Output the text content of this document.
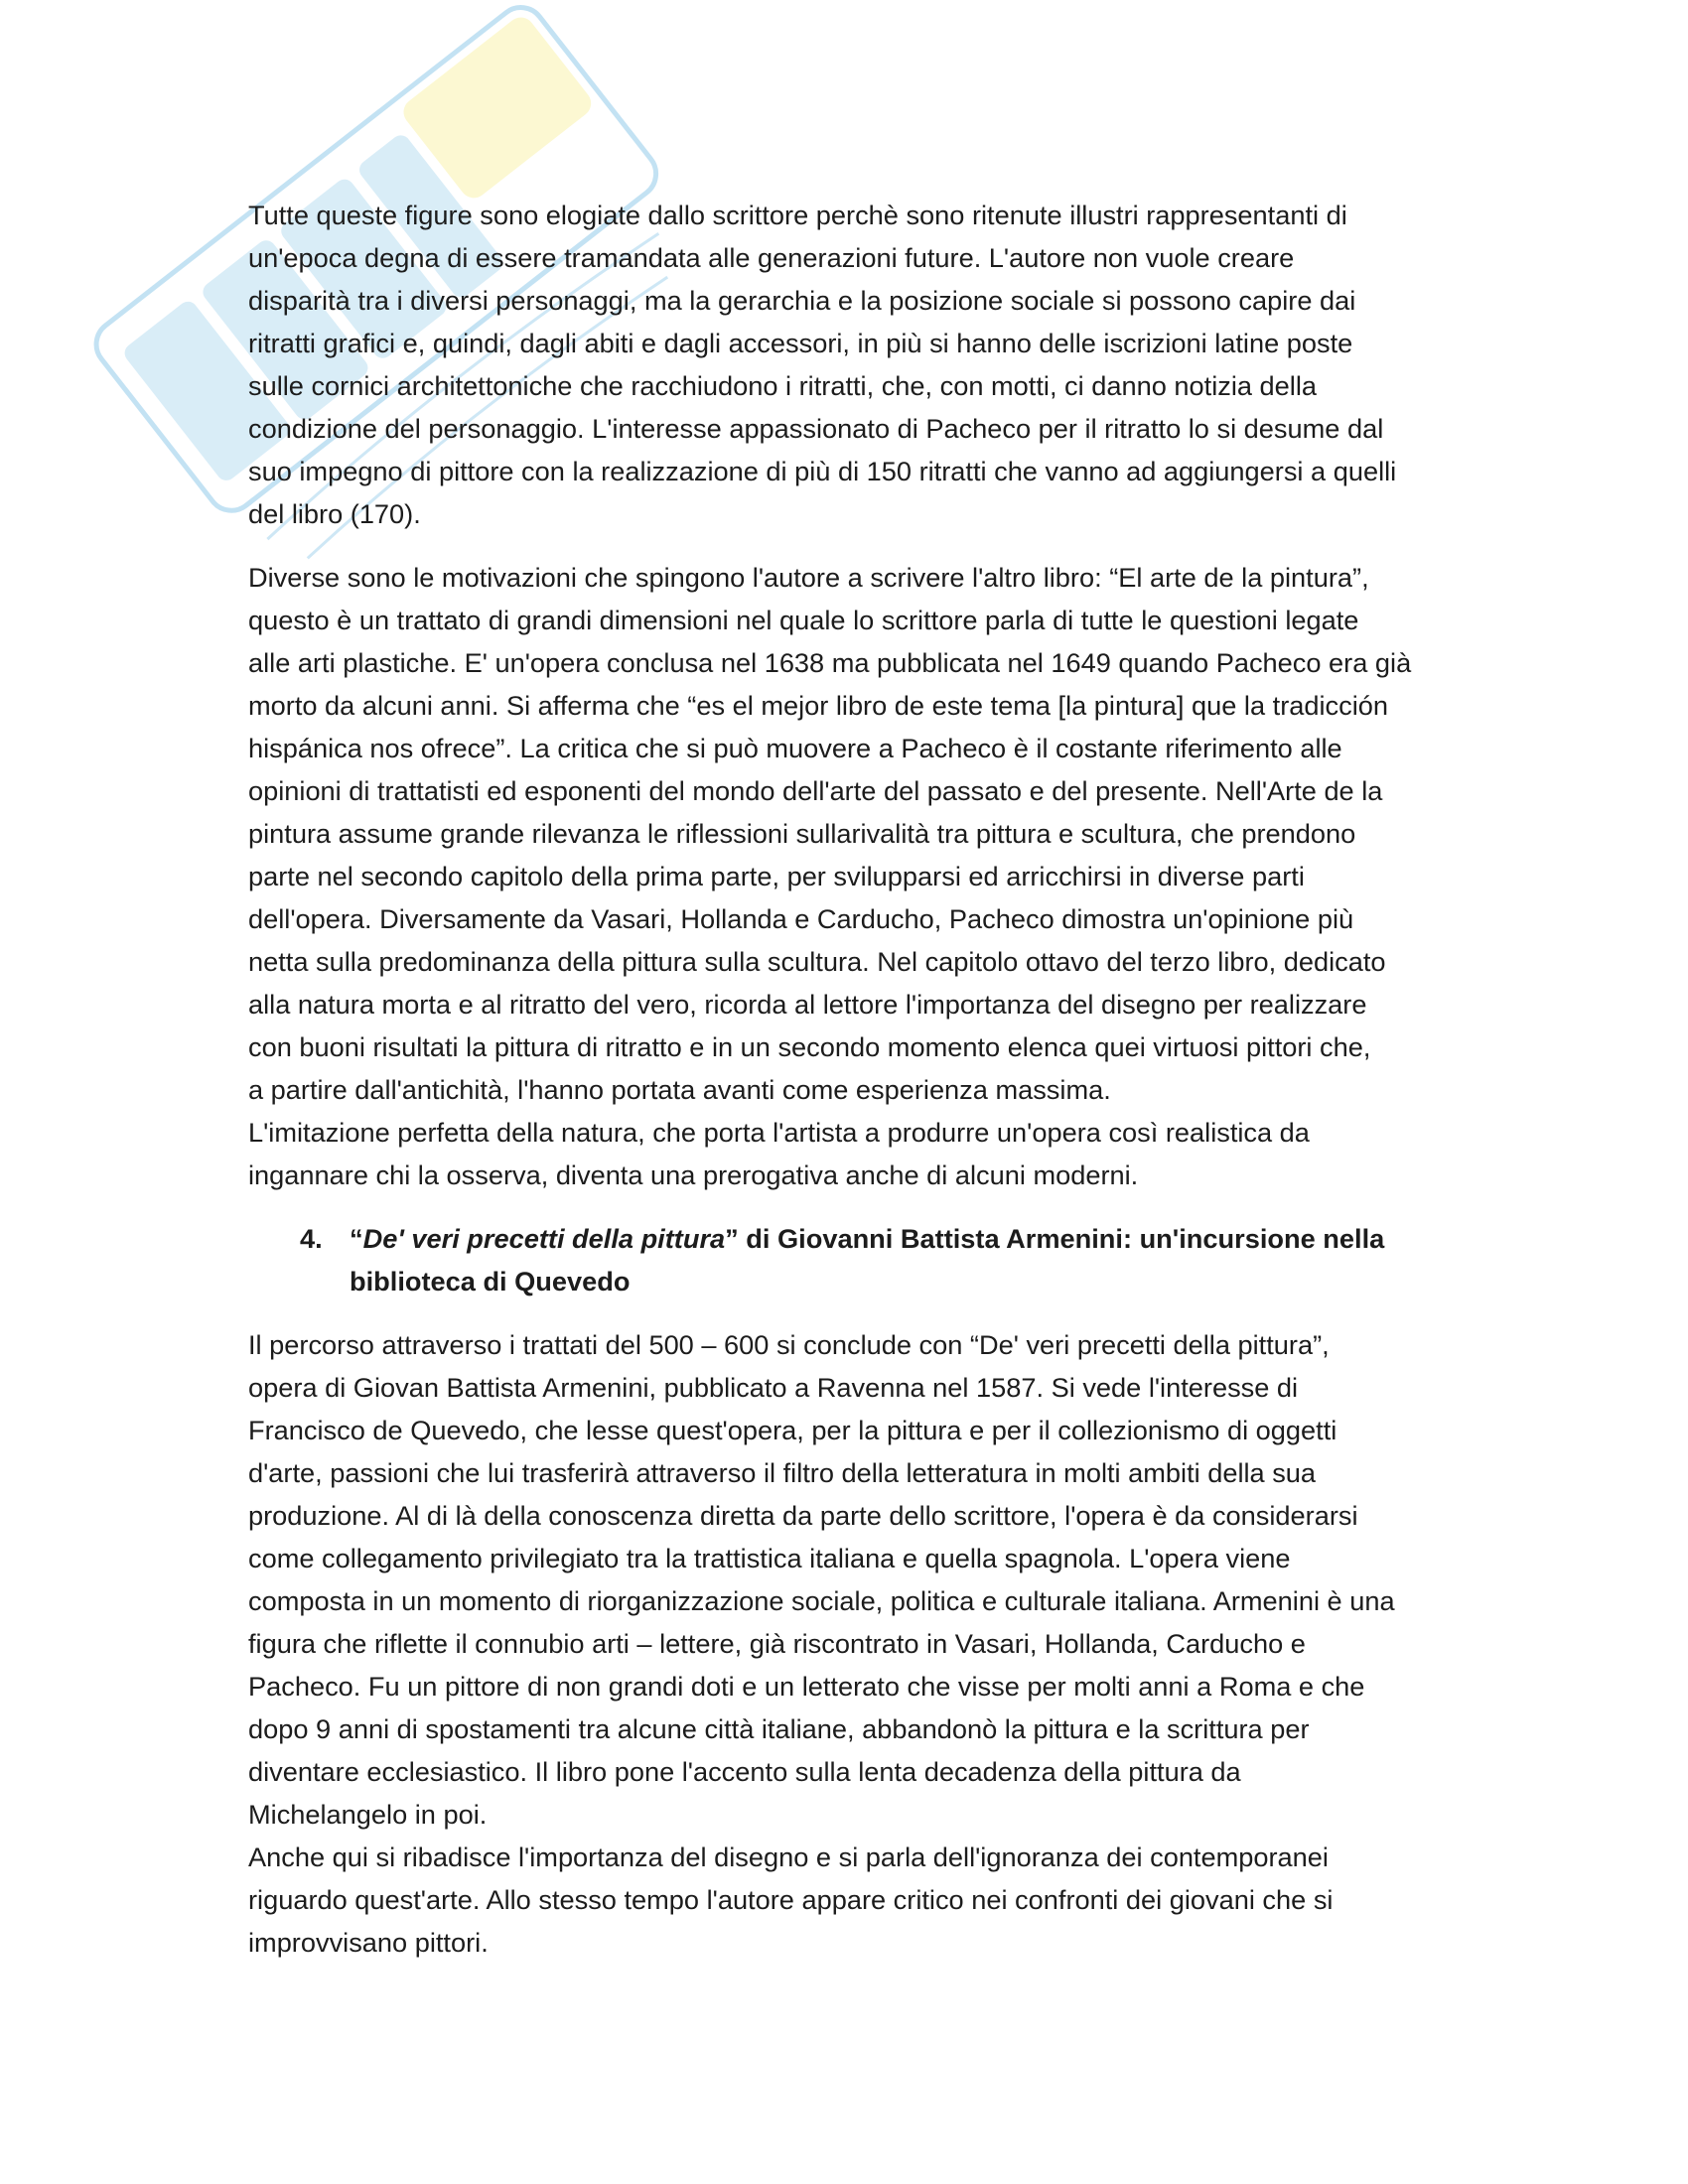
Tutte queste figure sono elogiate dallo scrittore perchè sono ritenute illustri rappresentanti di
un'epoca degna di essere tramandata alle generazioni future. L'autore non vuole creare
disparità tra i diversi personaggi, ma la gerarchia e la posizione sociale si possono capire dai
ritratti grafici e, quindi, dagli abiti e dagli accessori, in più si hanno delle iscrizioni latine poste
sulle cornici architettoniche che racchiudono i ritratti, che, con motti, ci danno notizia della
condizione del personaggio. L'interesse appassionato di Pacheco per il ritratto lo si desume dal
suo impegno di pittore con la realizzazione di più di 150 ritratti che vanno ad aggiungersi a quelli
del libro (170).
Diverse sono le motivazioni che spingono l'autore a scrivere l'altro libro: “El arte de la pintura”,
questo è un trattato di grandi dimensioni nel quale lo scrittore parla di tutte le questioni legate
alle arti plastiche. E' un'opera conclusa nel 1638 ma pubblicata nel 1649 quando Pacheco era già
morto da alcuni anni. Si afferma che “es el mejor libro de este tema [la pintura] que la tradicción
hispánica nos ofrece”. La critica che si può muovere a Pacheco è il costante riferimento alle
opinioni di trattatisti ed esponenti del mondo dell'arte del passato e del presente. Nell'Arte de la
pintura assume grande rilevanza le riflessioni sullarivalità tra pittura e scultura, che prendono
parte nel secondo capitolo della prima parte, per svilupparsi ed arricchirsi in diverse parti
dell'opera. Diversamente da Vasari, Hollanda e Carducho, Pacheco dimostra un'opinione più
netta sulla predominanza della pittura sulla scultura. Nel capitolo ottavo del terzo libro, dedicato
alla natura morta e al ritratto del vero, ricorda al lettore l'importanza del disegno per realizzare
con buoni risultati la pittura di ritratto e in un secondo momento elenca quei virtuosi pittori che,
a partire dall'antichità, l'hanno portata avanti come esperienza massima.
L'imitazione perfetta della natura, che porta l'artista a produrre un'opera così realistica da
ingannare chi la osserva, diventa una prerogativa anche di alcuni moderni.
4. “De' veri precetti della pittura” di Giovanni Battista Armenini: un'incursione nella
biblioteca di Quevedo
Il percorso attraverso i trattati del 500 – 600 si conclude con “De' veri precetti della pittura”,
opera di Giovan Battista Armenini, pubblicato a Ravenna nel 1587. Si vede l'interesse di
Francisco de Quevedo, che lesse quest'opera, per la pittura e per il collezionismo di oggetti
d'arte, passioni che lui trasferirà attraverso il filtro della letteratura in molti ambiti della sua
produzione. Al di là della conoscenza diretta da parte dello scrittore, l'opera è da considerarsi
come collegamento privilegiato tra la trattistica italiana e quella spagnola. L'opera viene
composta in un momento di riorganizzazione sociale, politica e culturale italiana. Armenini è una
figura che riflette il connubio arti – lettere, già riscontrato in Vasari, Hollanda, Carducho e
Pacheco. Fu un pittore di non grandi doti e un letterato che visse per molti anni a Roma e che
dopo 9 anni di spostamenti tra alcune città italiane, abbandonò la pittura e la scrittura per
diventare ecclesiastico. Il libro pone l'accento sulla lenta decadenza della pittura da
Michelangelo in poi.
Anche qui si ribadisce l'importanza del disegno e si parla dell'ignoranza dei contemporanei
riguardo quest'arte. Allo stesso tempo l'autore appare critico nei confronti dei giovani che si
improvvisano pittori.
